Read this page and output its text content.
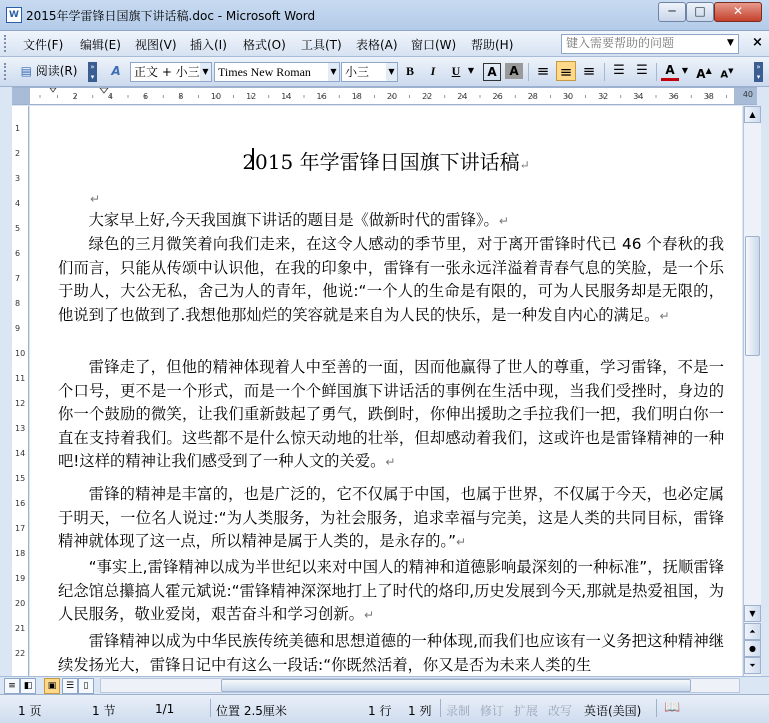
W 2015年学雷锋日国旗下讲话稿.doc - Microsoft Word	─	□	✕
文件(F) 编辑(E) 视图(V) 插入(I) 格式(O) 工具(T) 表格(A) 窗口(W) 帮助(H)
键入需要帮助的问题	▼ ×
▤ 阅读(R)	»
▾	A	正文 + 小三 ▼ Times New Roman	▼ 小三	▼ B	I	U ▼	A	A ≡ ≡ ≡	☰ ☰	A ▼ A▲ A▼	»
▾
2	4	6	8	10	12	14	16	18	20	22	24	26	28	30	32	34	36	38	40
1
2
3
4
5
6
7
8
9
10
11
12
13
14
15
16
17
18
19
20
21
22
2015 年学雷锋日国旗下讲话稿↵
↵
大家早上好,今天我国旗下讲话的题目是《做新时代的雷锋》。↵
绿色的三月微笑着向我们走来，在这令人感动的季节里，对于离开雷锋时代已 46 个春秋的我们而言，只能从传颂中认识他，在我的印象中，雷锋有一张永远洋溢着青春气息的笑脸，是一个乐于助人，大公无私，舍己为人的青年，他说:“一个人的生命是有限的，可为人民服务却是无限的，他说到了也做到了.我想他那灿烂的笑容就是来自为人民的快乐，是一种发自内心的满足。↵
雷锋走了，但他的精神体现着人中至善的一面，因而他赢得了世人的尊重，学习雷锋，不是一个口号，更不是一个形式，而是一个个鲜国旗下讲话活的事例在生活中现，当我们受挫时，身边的你一个鼓励的微笑，让我们重新鼓起了勇气，跌倒时，你伸出援助之手拉我们一把，我们明白你一直在支持着我们。这些都不是什么惊天动地的壮举，但却感动着我们，这或许也是雷锋精神的一种吧!这样的精神让我们感受到了一种人文的关爱。↵
雷锋的精神是丰富的，也是广泛的，它不仅属于中国，也属于世界，不仅属于今天，也必定属于明天，一位名人说过:“为人类服务，为社会服务，追求幸福与完美，这是人类的共同目标，雷锋精神就体现了这一点，所以精神是属于人类的，是永存的。”↵
“事实上,雷锋精神以成为半世纪以来对中国人的精神和道德影响最深刻的一种标准”，抚顺雷锋纪念馆总攥搞人霍元斌说:“雷锋精神深深地打上了时代的烙印,历史发展到今天,那就是热爱祖国，为人民服务，敬业爱岗，艰苦奋斗和学习创新。↵
雷锋精神以成为中华民族传统美德和思想道德的一种体现,而我们也应该有一义务把这种精神继续发扬光大，雷锋日记中有这么一段话:“你既然活着，你又是否为未来人类的生
▲
▼
⏶
●
⏷
≡ ◧	▣	☰	▯
1 页	1 节	1/1	位置 2.5厘米	1 行 1 列 录制 修订 扩展 改写 英语(美国) 📖
